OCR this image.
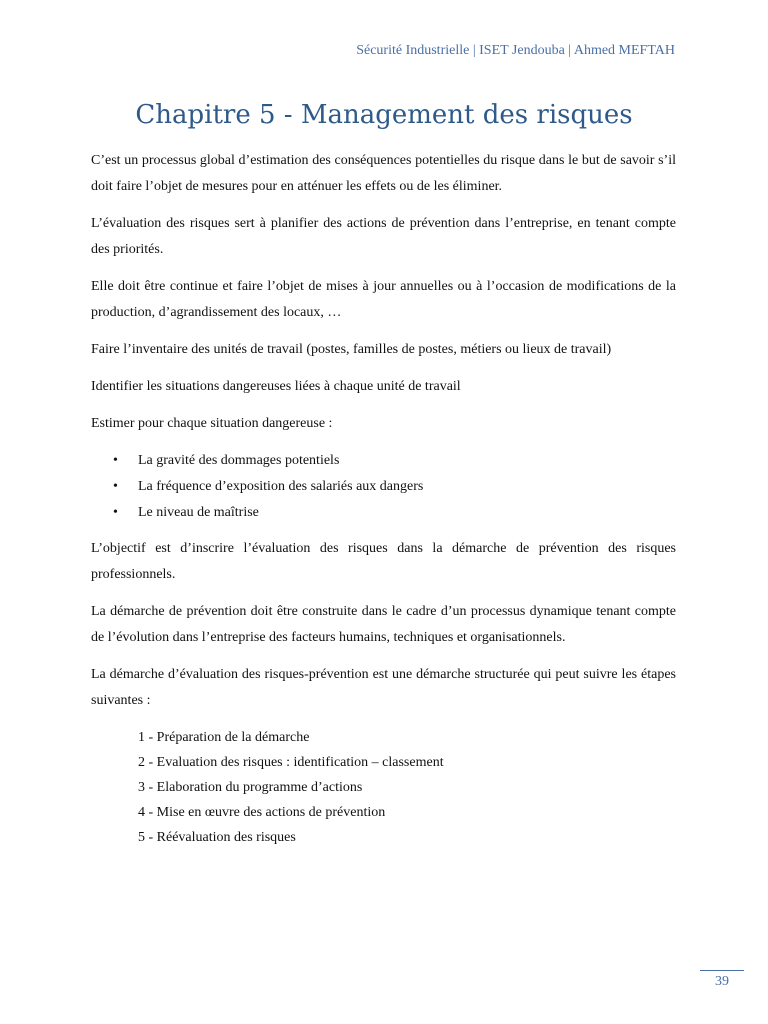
Sécurité Industrielle | ISET Jendouba | Ahmed MEFTAH
Chapitre 5 - Management des risques

C’est un processus global d’estimation des conséquences potentielles du risque dans le but de savoir s’il doit faire l’objet de mesures pour en atténuer les effets ou de les éliminer.

L’évaluation des risques sert à planifier des actions de prévention dans l’entreprise, en tenant compte des priorités.

Elle doit être continue et faire l’objet de mises à jour annuelles ou à l’occasion de modifications de la production, d’agrandissement des locaux, …

Faire l’inventaire des unités de travail (postes, familles de postes, métiers ou lieux de travail)

Identifier les situations dangereuses liées à chaque unité de travail

Estimer pour chaque situation dangereuse :

• La gravité des dommages potentiels
• La fréquence d’exposition des salariés aux dangers
• Le niveau de maîtrise

L’objectif est d’inscrire l’évaluation des risques dans la démarche de prévention des risques professionnels.

La démarche de prévention doit être construite dans le cadre d’un processus dynamique tenant compte de l’évolution dans l’entreprise des facteurs humains, techniques et organisationnels.

La démarche d’évaluation des risques-prévention est une démarche structurée qui peut suivre les étapes suivantes :

1 - Préparation de la démarche
2 - Evaluation des risques : identification – classement
3 - Elaboration du programme d’actions
4 - Mise en œuvre des actions de prévention
5 - Réévaluation des risques
39
